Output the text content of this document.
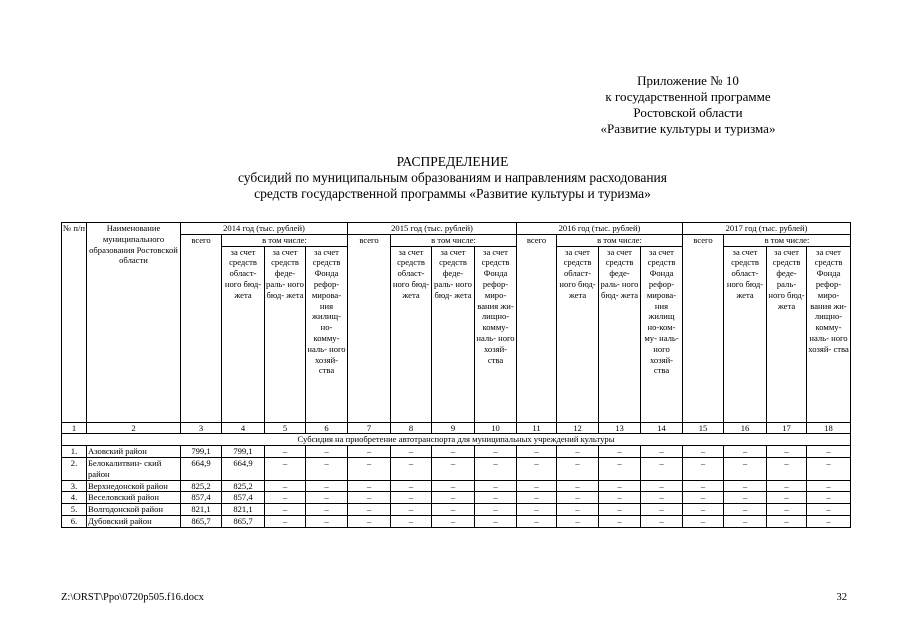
Приложение № 10
к государственной программе
Ростовской области
«Развитие культуры и туризма»
РАСПРЕДЕЛЕНИЕ
субсидий по муниципальным образованиям и направлениям расходования
средств государственной программы «Развитие культуры и туризма»
№ п/п	Наименование муниципального образования Ростовской области	2014 год (тыс. рублей)				2015 год (тыс. рублей)				2016 год (тыс. рублей)				2017 год (тыс. рублей)			
		всего	в том числе:			всего	в том числе:			всего	в том числе:			всего	в том числе:		
			за счет средств област- ного бюд- жета	за счет средств феде- раль- ного бюд- жета	за счет средств Фонда рефор- мирова- ния жилищ- но- комму- наль- ного хозяй- ства		за счет средств област- ного бюд- жета	за счет средств феде- раль- ного бюд- жета	за счет средств Фонда рефор- миро- вания жи- лищно- комму- наль- ного хозяй- ства		за счет средств област- ного бюд- жета	за счет средств феде- раль- ного бюд- жета	за счет средств Фонда рефор- мирова- ния жилищ но-ком- му- наль- ного хозяй- ства		за счет средств област- ного бюд- жета	за счет средств феде- раль- ного бюд- жета	за счет средств Фонда рефор- миро- вания жи- лищно- комму- наль- ного хозяй- ства
1	2	3	4	5	6	7	8	9	10	11	12	13	14	15	16	17	18
Субсидия на приобретение автотранспорта для муниципальных учреждений культуры																	
1.	Азовский район	799,1	799,1	–	–	–	–	–	–	–	–	–	–	–	–	–	–
2.	Белокалитвин- ский район	664,9	664,9	–	–	–	–	–	–	–	–	–	–	–	–	–	–
3.	Верхнедонской район	825,2	825,2	–	–	–	–	–	–	–	–	–	–	–	–	–	–
4.	Веселовский район	857,4	857,4	–	–	–	–	–	–	–	–	–	–	–	–	–	–
5.	Волгодонской район	821,1	821,1	–	–	–	–	–	–	–	–	–	–	–	–	–	–
6.	Дубовский район	865,7	865,7	–	–	–	–	–	–	–	–	–	–	–	–	–	–
Z:\ORST\Ppo\0720p505.f16.docx	32
